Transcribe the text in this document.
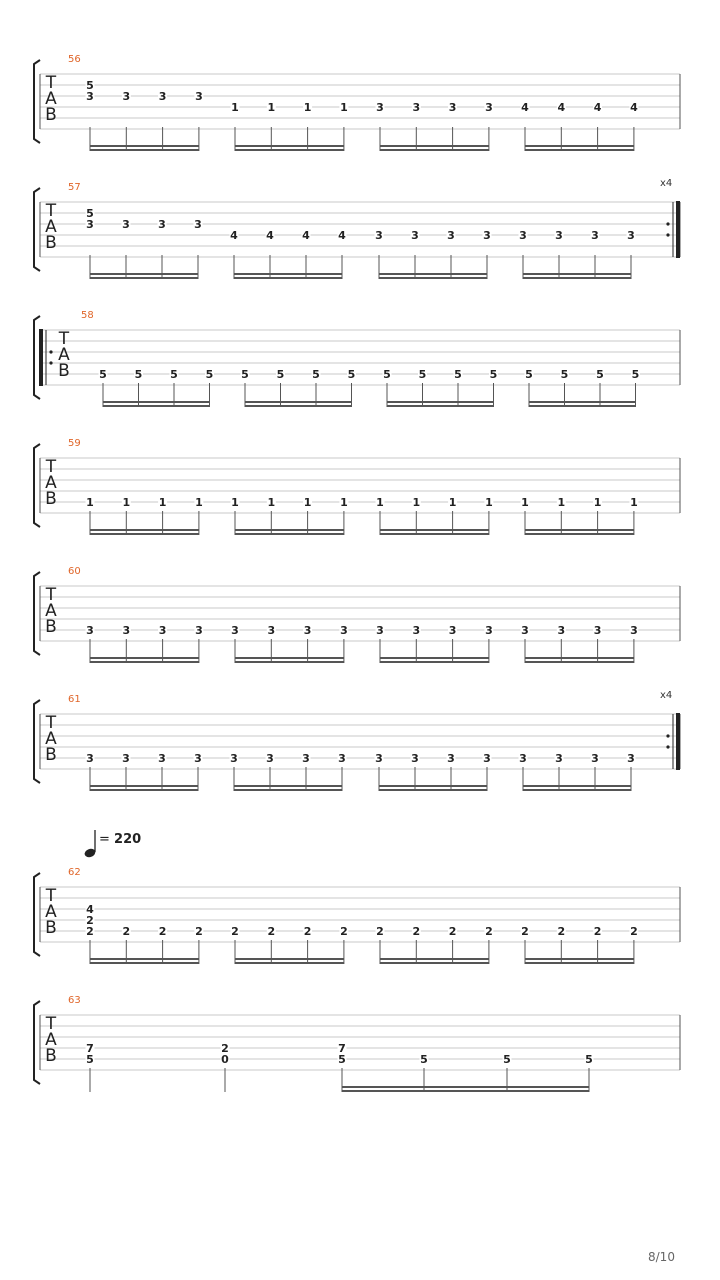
T
A
B
56
3
5
3	3	3
1	1	1	1	3	3	3	3	4	4	4	4
x4
T
A
B
57
3
5
3	3	3
4	4	4	4	3	3	3	3	3	3	3	3
T
A
B
58
5	5	5	5	5	5	5	5	5	5	5	5	5	5	5	5
T
A
B
59
1	1	1	1	1	1	1	1	1	1	1	1	1	1	1	1
T
A
B
60
3	3	3	3	3	3	3	3	3	3	3	3	3	3	3	3
x4
T
A
B
61
3	3	3	3	3	3	3	3	3	3	3	3	3	3	3	3
T
A
B
62
2
2
4
2	2	2	2	2	2	2	2	2	2	2	2	2	2	2
T
A
B
63
5
7
0
2
5
7
5	5	5
= 220
8/10
